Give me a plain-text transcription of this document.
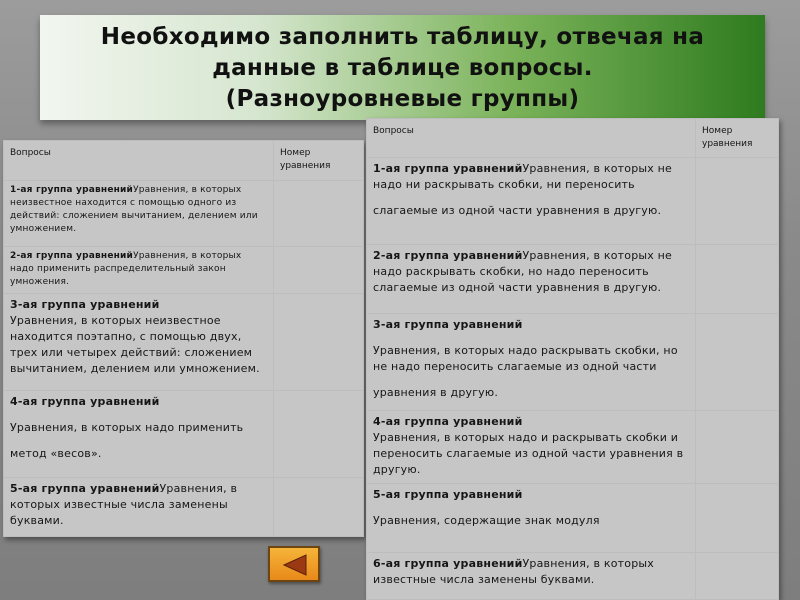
Необходимо заполнить таблицу, отвечая на
данные в таблице вопросы.
(Разноуровневые группы)
Вопросы	Номер уравнения
1-ая группа уравненийУравнения, в которых неизвестное находится с помощью одного из действий: сложением вычитанием, делением или умножением.	
2-ая группа уравненийУравнения, в которых надо применить распределительный закон умножения.	
3-ая группа уравнений
Уравнения, в которых неизвестное находится поэтапно, с помощью двух, трех или четырех действий: сложением вычитанием, делением или умножением.	
4-ая группа уравнений

Уравнения, в которых надо применить

метод «весов».	
5-ая группа уравненийУравнения, в которых известные числа заменены буквами.	
Вопросы	Номер уравнения
1-ая группа уравненийУравнения, в которых не надо ни раскрывать скобки, ни переносить

слагаемые из одной части уравнения в другую.	
2-ая группа уравненийУравнения, в которых не надо раскрывать скобки, но надо переносить слагаемые из одной части уравнения в другую.	
3-ая группа уравнений

Уравнения, в которых надо раскрывать скобки, но не надо переносить слагаемые из одной части

уравнения в другую.	
4-ая группа уравнений
Уравнения, в которых надо и раскрывать скобки и переносить слагаемые из одной части уравнения в другую.	
5-ая группа уравнений

Уравнения, содержащие знак модуля	
6-ая группа уравненийУравнения, в которых известные числа заменены буквами.	
